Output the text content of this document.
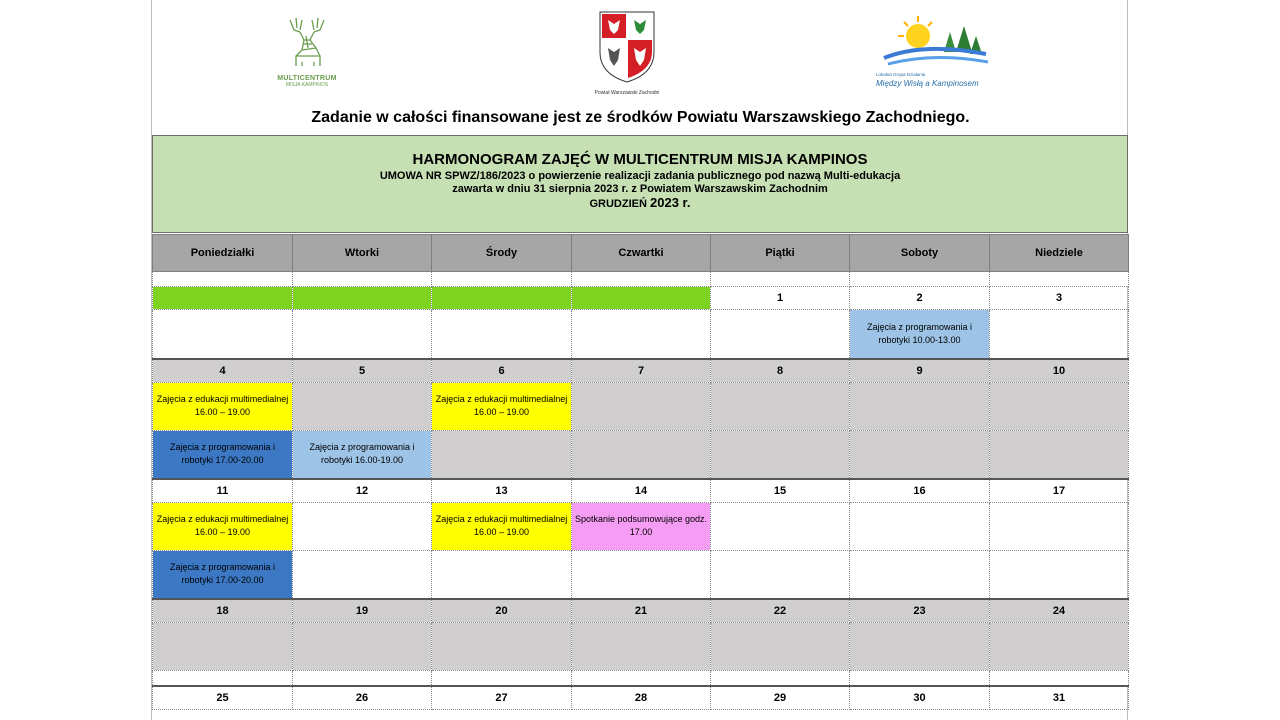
MULTICENTRUM
MISJA KAMPINOS
Powiat Warszawski Zachodni
Lokalna Grupa Działania
Między Wisłą a Kampinosem
Zadanie w całości finansowane jest ze środków Powiatu Warszawskiego Zachodniego.
HARMONOGRAM ZAJĘĆ W MULTICENTRUM MISJA KAMPINOS
UMOWA NR SPWZ/186/2023 o powierzenie realizacji zadania publicznego pod nazwą Multi-edukacja
zawarta w dniu 31 sierpnia 2023 r. z Powiatem Warszawskim Zachodnim
GRUDZIEŃ 2023 r.
Poniedziałki	Wtorki	Środy	Czwartki	Piątki	Soboty	Niedziele

				1	2	3
					Zajęcia z programowania i robotyki 10.00-13.00	
4	5	6	7	8	9	10
Zajęcia z edukacji multimedialnej 16.00 – 19.00		Zajęcia z edukacji multimedialnej 16.00 – 19.00				
Zajęcia z programowania i robotyki 17.00-20.00	Zajęcia z programowania i robotyki 16.00-19.00					
11	12	13	14	15	16	17
Zajęcia z edukacji multimedialnej 16.00 – 19.00		Zajęcia z edukacji multimedialnej 16.00 – 19.00	Spotkanie podsumowujące godz. 17.00			
Zajęcia z programowania i robotyki 17.00-20.00						
18	19	20	21	22	23	24

25	26	27	28	29	30	31
